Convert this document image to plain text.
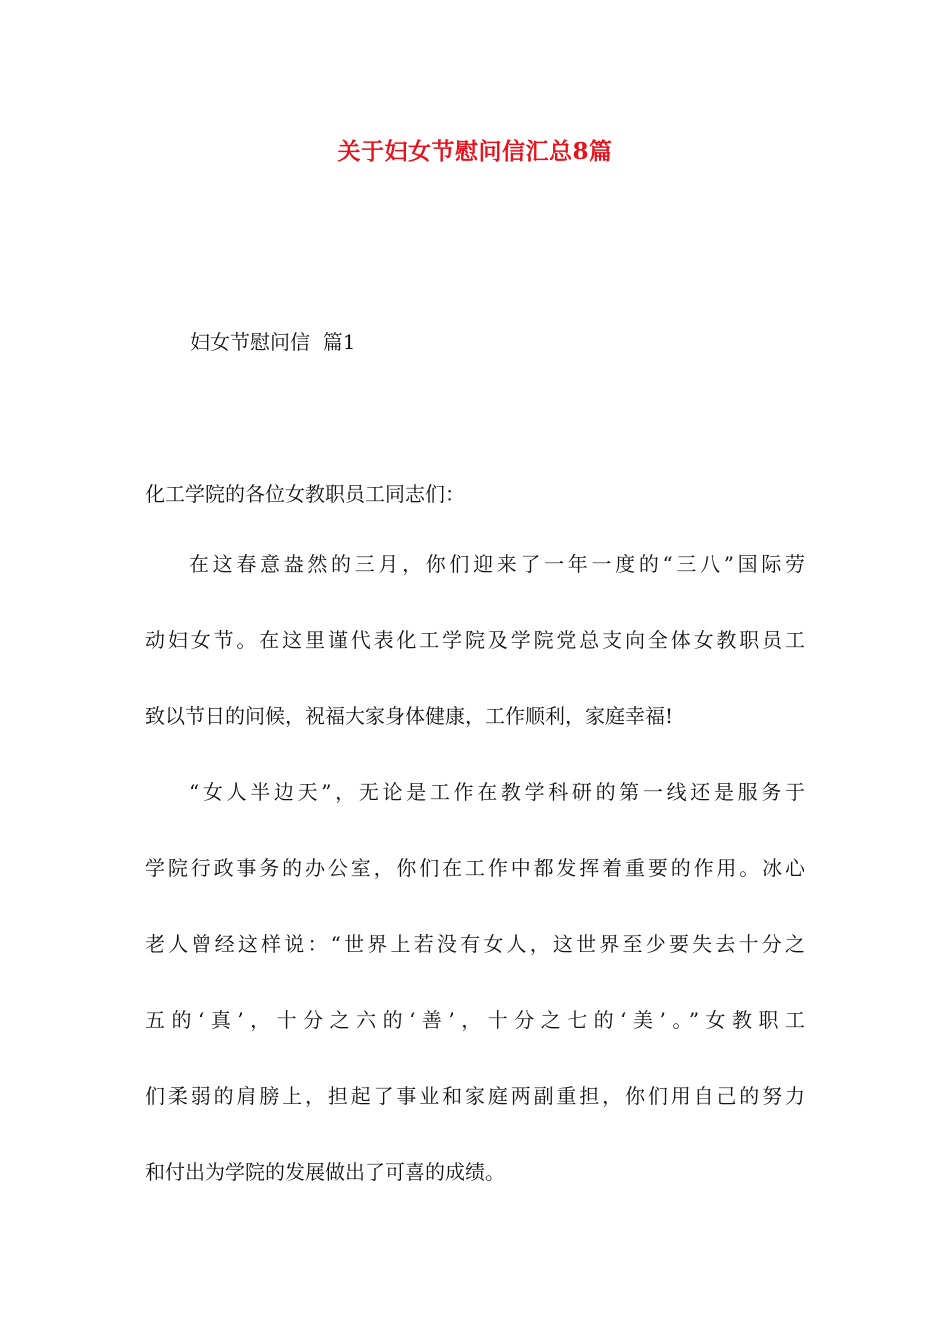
关于妇女节慰问信汇总8篇
妇女节慰问信  篇1
化工学院的各位女教职员工同志们：
在这春意盎然的三月，你们迎来了一年一度的“三八”国际劳
动妇女节。在这里谨代表化工学院及学院党总支向全体女教职员工
致以节日的问候，祝福大家身体健康，工作顺利，家庭幸福!
“女人半边天”，无论是工作在教学科研的第一线还是服务于
学院行政事务的办公室，你们在工作中都发挥着重要的作用。冰心
老人曾经这样说：“世界上若没有女人，这世界至少要失去十分之
五的‘真’，十分之六的‘善’，十分之七的‘美’。”女教职工
们柔弱的肩膀上，担起了事业和家庭两副重担，你们用自己的努力
和付出为学院的发展做出了可喜的成绩。
